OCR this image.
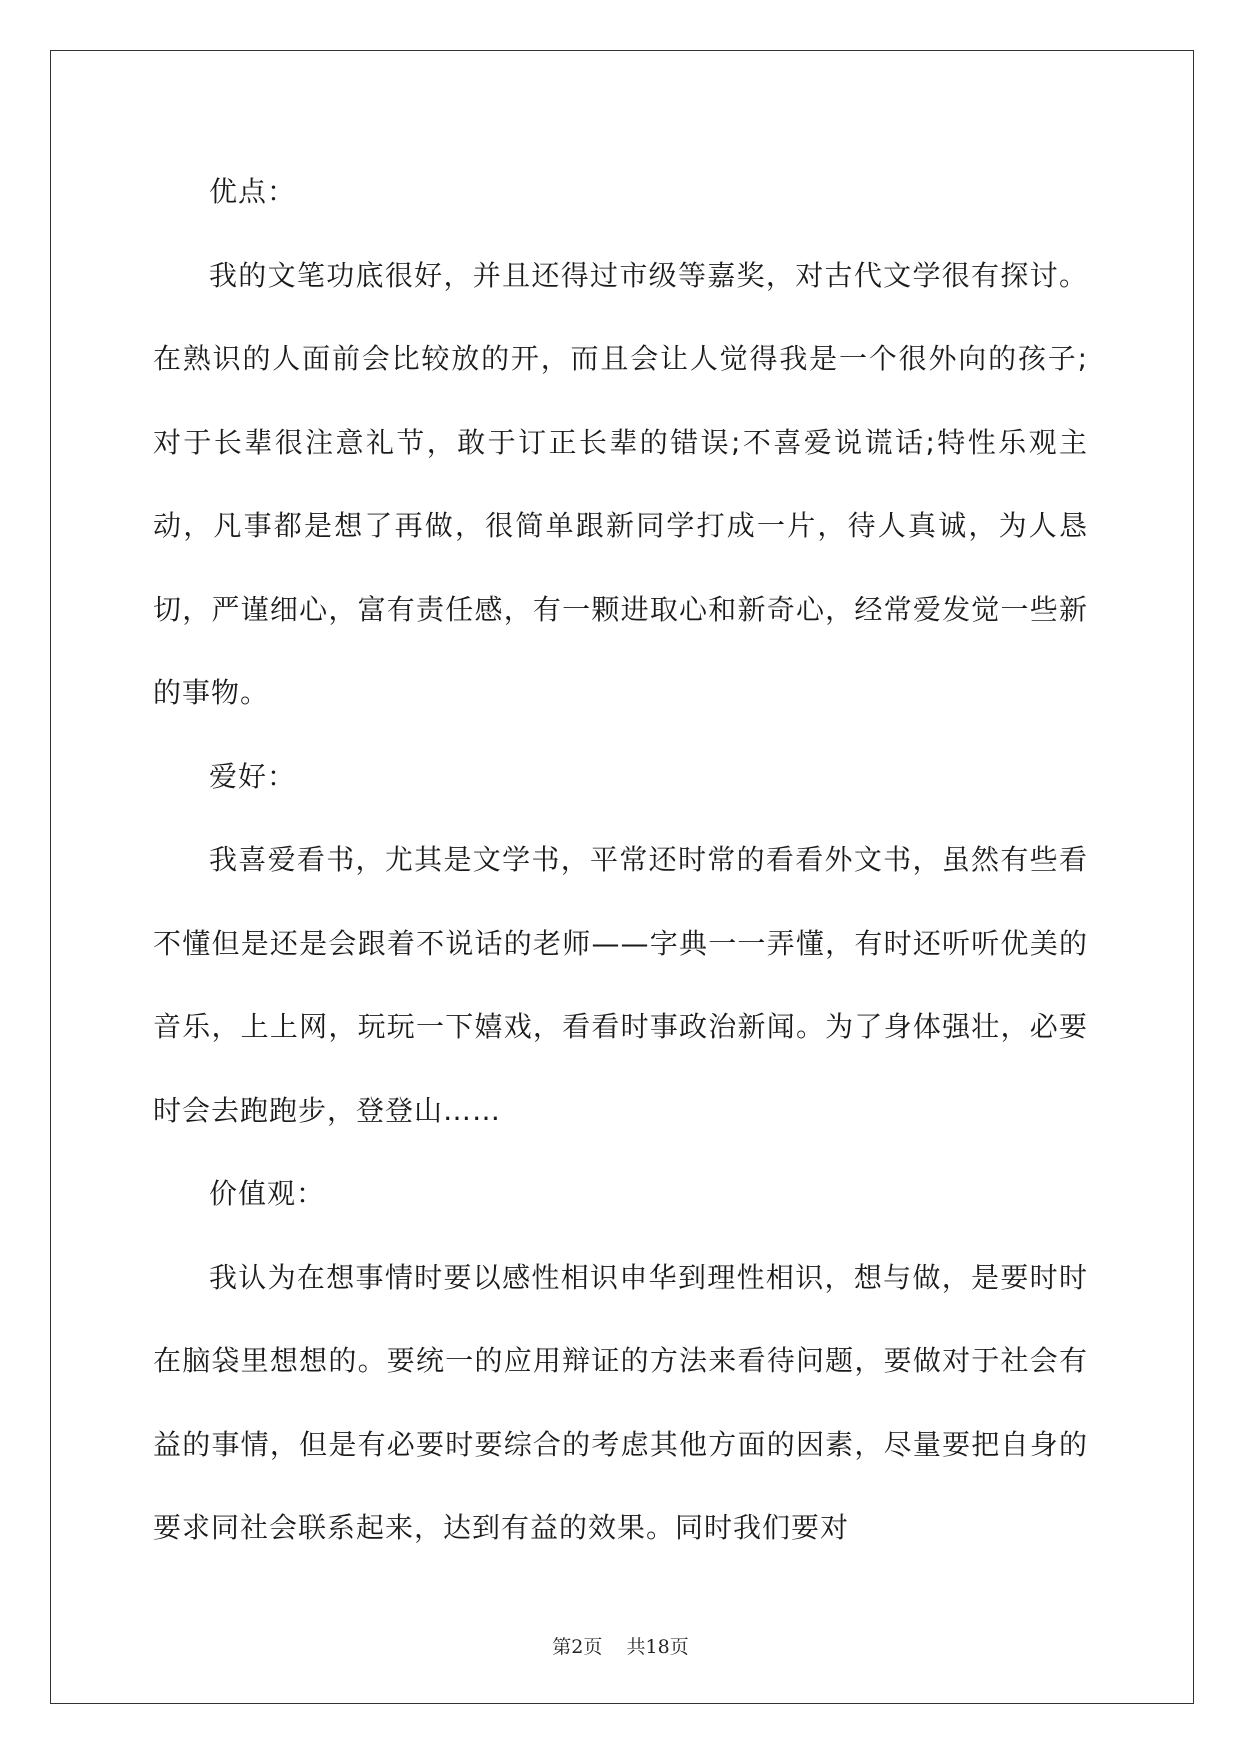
优点：

我的文笔功底很好，并且还得过市级等嘉奖，对古代文学很有探讨。在熟识的人面前会比较放的开，而且会让人觉得我是一个很外向的孩子;对于长辈很注意礼节，敢于订正长辈的错误;不喜爱说谎话;特性乐观主动，凡事都是想了再做，很简单跟新同学打成一片，待人真诚，为人恳切，严谨细心，富有责任感，有一颗进取心和新奇心，经常爱发觉一些新的事物。

爱好：

我喜爱看书，尤其是文学书，平常还时常的看看外文书，虽然有些看不懂但是还是会跟着不说话的老师——字典一一弄懂，有时还听听优美的音乐，上上网，玩玩一下嬉戏，看看时事政治新闻。为了身体强壮，必要时会去跑跑步，登登山……

价值观：

我认为在想事情时要以感性相识申华到理性相识，想与做，是要时时在脑袋里想想的。要统一的应用辩证的方法来看待问题，要做对于社会有益的事情，但是有必要时要综合的考虑其他方面的因素，尽量要把自身的要求同社会联系起来，达到有益的效果。同时我们要对

第2页    共18页
